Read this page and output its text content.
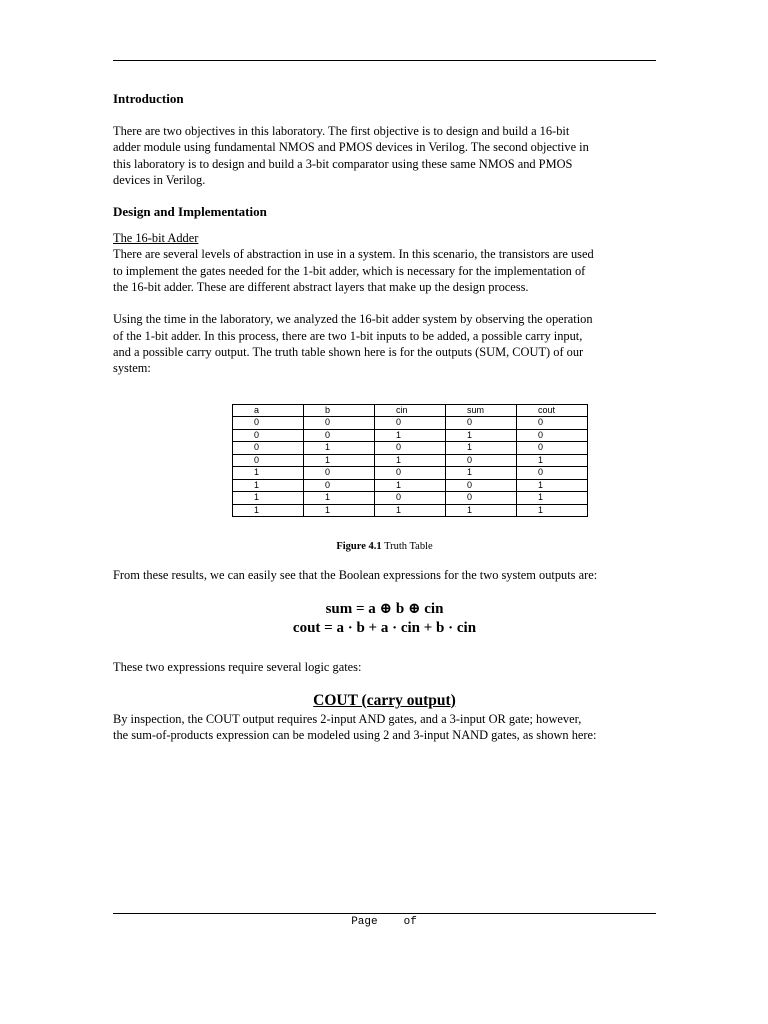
Introduction

There are two objectives in this laboratory. The first objective is to design and build a 16-bit

adder module using fundamental NMOS and PMOS devices in Verilog. The second objective in

this laboratory is to design and build a 3-bit comparator using these same NMOS and PMOS

devices in Verilog.

Design and Implementation

The 16-bit Adder

There are several levels of abstraction in use in a system. In this scenario, the transistors are used

to implement the gates needed for the 1-bit adder, which is necessary for the implementation of

the 16-bit adder. These are different abstract layers that make up the design process.

Using the time in the laboratory, we analyzed the 16-bit adder system by observing the operation

of the 1-bit adder. In this process, there are two 1-bit inputs to be added, a possible carry input,

and a possible carry output. The truth table shown here is for the outputs (SUM, COUT) of our

system:

a	b	cin	sum	cout
0	0	0	0	0
0	0	1	1	0
0	1	0	1	0
0	1	1	0	1
1	0	0	1	0
1	0	1	0	1
1	1	0	0	1
1	1	1	1	1
Figure 4.1 Truth Table

From these results, we can easily see that the Boolean expressions for the two system outputs are:

sum = a ⊕ b ⊕ cin
cout = a · b + a · cin + b · cin

These two expressions require several logic gates:

COUT (carry output)

By inspection, the COUT output requires 2-input AND gates, and a 3-input OR gate; however,

the sum-of-products expression can be modeled using 2 and 3-input NAND gates, as shown here:

Page of
